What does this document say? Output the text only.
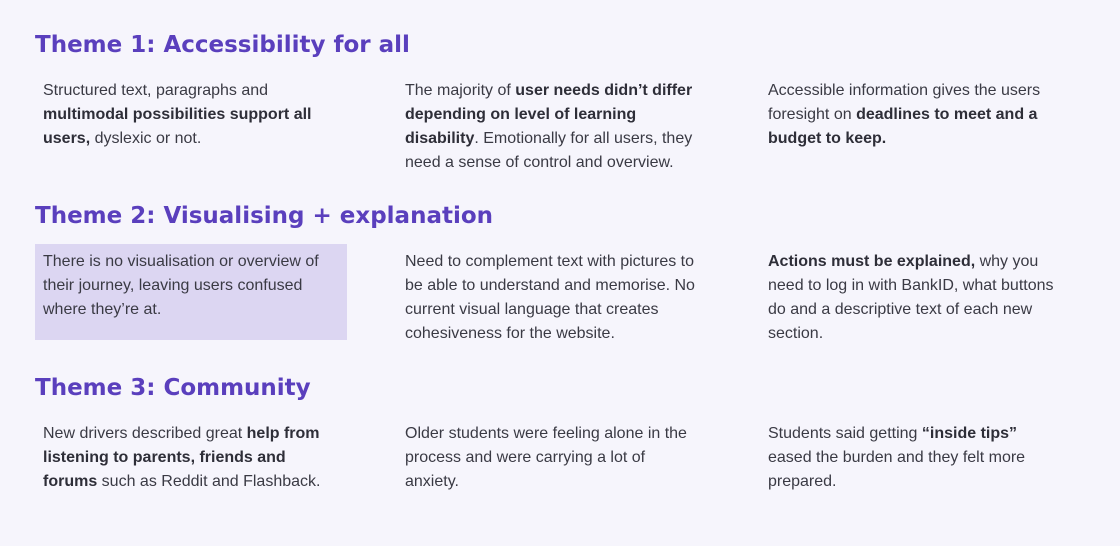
Theme 1: Accessibility for all

Structured text, paragraphs and multimodal possibilities support all users, dyslexic or not.

The majority of user needs didn’t differ depending on level of learning disability. Emotionally for all users, they need a sense of control and overview.

Accessible information gives the users foresight on deadlines to meet and a budget to keep.

Theme 2: Visualising + explanation

There is no visualisation or overview of their journey, leaving users confused where they’re at.

Need to complement text with pictures to be able to understand and memorise. No current visual language that creates cohesiveness for the website.

Actions must be explained, why you need to log in with BankID, what buttons do and a descriptive text of each new section.

Theme 3: Community

New drivers described great help from listening to parents, friends and forums such as Reddit and Flashback.

Older students were feeling alone in the process and were carrying a lot of anxiety.

Students said getting “inside tips” eased the burden and they felt more prepared.
